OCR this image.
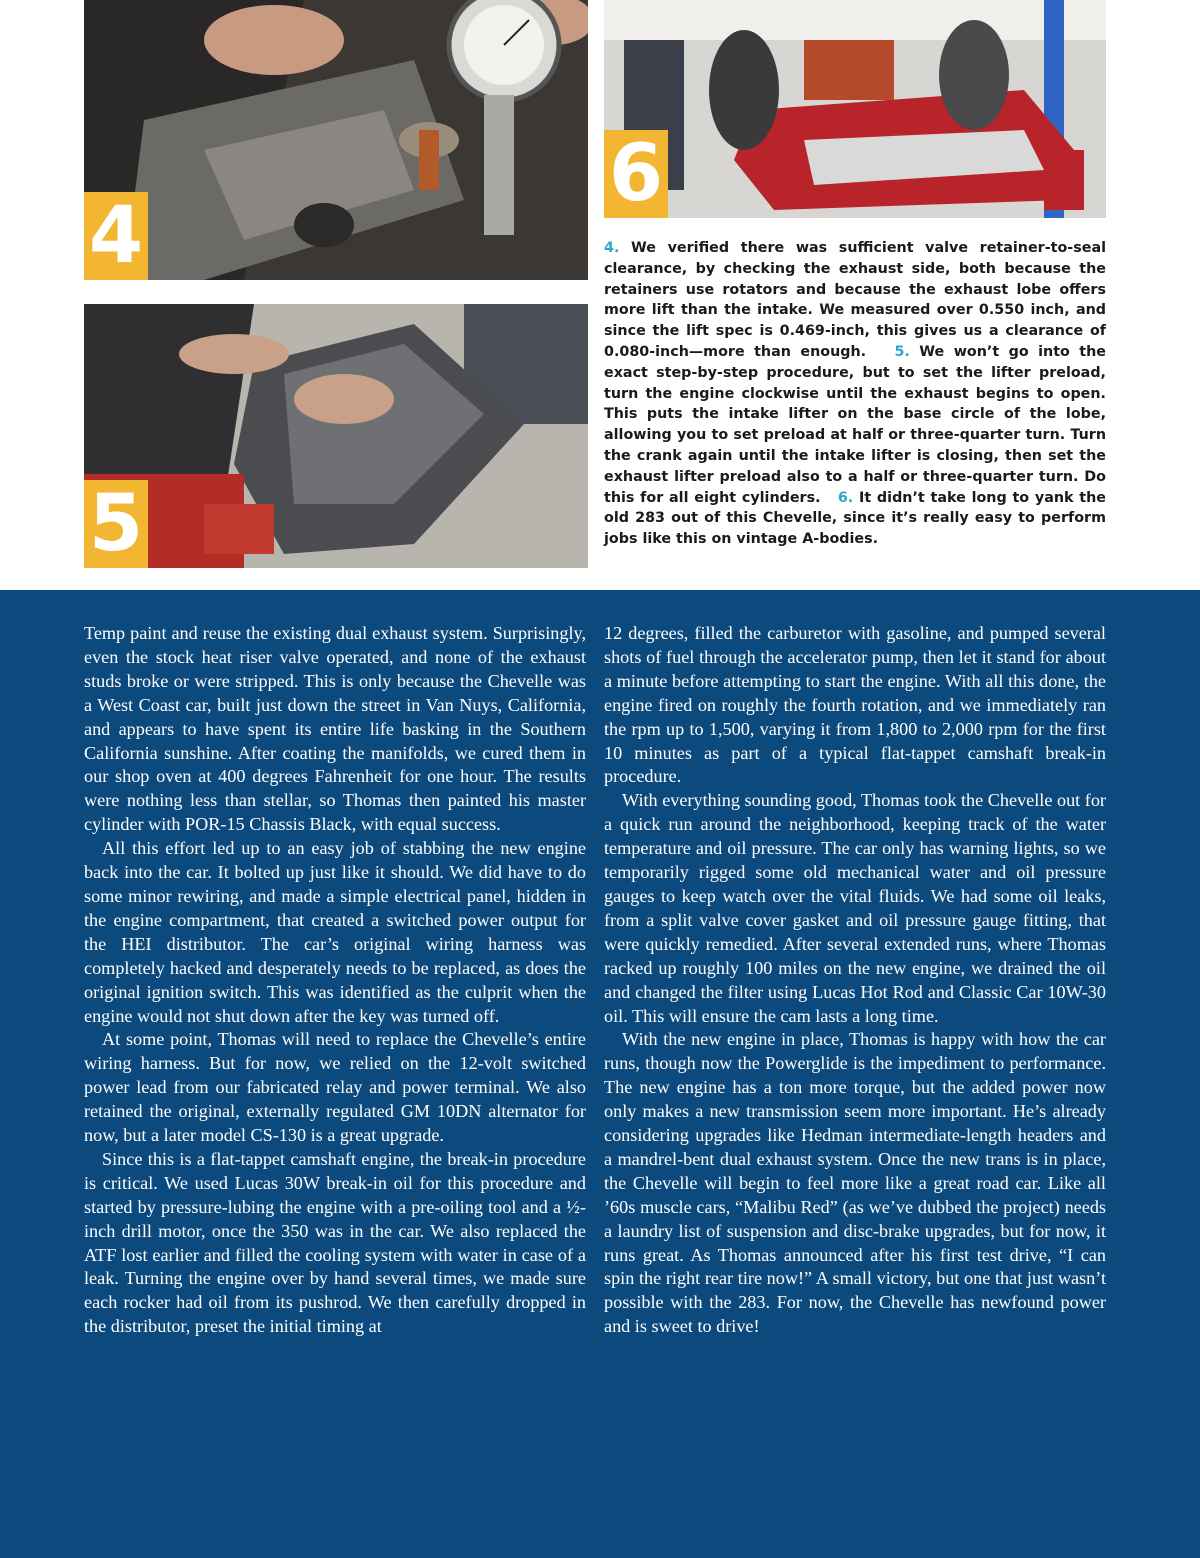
4
5
6
4. We verified there was sufficient valve retainer-to-seal clearance, by checking the exhaust side, both because the retainers use rotators and because the exhaust lobe offers more lift than the intake. We measured over 0.550 inch, and since the lift spec is 0.469-inch, this gives us a clearance of 0.080-inch—more than enough. 5. We won’t go into the exact step-by-step procedure, but to set the lifter preload, turn the engine clockwise until the exhaust begins to open. This puts the intake lifter on the base circle of the lobe, allowing you to set preload at half or three-quarter turn. Turn the crank again until the intake lifter is closing, then set the exhaust lifter preload also to a half or three-quarter turn. Do this for all eight cylinders. 6. It didn’t take long to yank the old 283 out of this Chevelle, since it’s really easy to perform jobs like this on vintage A-bodies.

Temp paint and reuse the existing dual exhaust system. Surprisingly, even the stock heat riser valve operated, and none of the exhaust studs broke or were stripped. This is only because the Chevelle was a West Coast car, built just down the street in Van Nuys, California, and appears to have spent its entire life basking in the Southern California sunshine. After coating the manifolds, we cured them in our shop oven at 400 degrees Fahrenheit for one hour. The results were nothing less than stellar, so Thomas then painted his master cylinder with POR-15 Chassis Black, with equal success.

All this effort led up to an easy job of stabbing the new engine back into the car. It bolted up just like it should. We did have to do some minor rewiring, and made a simple electrical panel, hidden in the engine compartment, that created a switched power output for the HEI distributor. The car’s original wiring harness was completely hacked and desperately needs to be replaced, as does the original ignition switch. This was identified as the culprit when the engine would not shut down after the key was turned off.

At some point, Thomas will need to replace the Chevelle’s entire wiring harness. But for now, we relied on the 12-volt switched power lead from our fabricated relay and power terminal. We also retained the original, externally regulated GM 10DN alternator for now, but a later model CS-130 is a great upgrade.

Since this is a flat-tappet camshaft engine, the break-in procedure is critical. We used Lucas 30W break-in oil for this procedure and started by pressure-lubing the engine with a pre-oiling tool and a ½-inch drill motor, once the 350 was in the car. We also replaced the ATF lost earlier and filled the cooling system with water in case of a leak. Turning the engine over by hand several times, we made sure each rocker had oil from its pushrod. We then carefully dropped in the distributor, preset the initial timing at

12 degrees, filled the carburetor with gasoline, and pumped several shots of fuel through the accelerator pump, then let it stand for about a minute before attempting to start the engine. With all this done, the engine fired on roughly the fourth rotation, and we immediately ran the rpm up to 1,500, varying it from 1,800 to 2,000 rpm for the first 10 minutes as part of a typical flat-tappet camshaft break-in procedure.

With everything sounding good, Thomas took the Chevelle out for a quick run around the neighborhood, keeping track of the water temperature and oil pressure. The car only has warning lights, so we temporarily rigged some old mechanical water and oil pressure gauges to keep watch over the vital fluids. We had some oil leaks, from a split valve cover gasket and oil pressure gauge fitting, that were quickly remedied. After several extended runs, where Thomas racked up roughly 100 miles on the new engine, we drained the oil and changed the filter using Lucas Hot Rod and Classic Car 10W-30 oil. This will ensure the cam lasts a long time.

With the new engine in place, Thomas is happy with how the car runs, though now the Powerglide is the impediment to performance. The new engine has a ton more torque, but the added power now only makes a new transmission seem more important. He’s already considering upgrades like Hedman intermediate-length headers and a mandrel-bent dual exhaust system. Once the new trans is in place, the Chevelle will begin to feel more like a great road car. Like all ’60s muscle cars, “Malibu Red” (as we’ve dubbed the project) needs a laundry list of suspension and disc-brake upgrades, but for now, it runs great. As Thomas announced after his first test drive, “I can spin the right rear tire now!” A small victory, but one that just wasn’t possible with the 283. For now, the Chevelle has newfound power and is sweet to drive!
